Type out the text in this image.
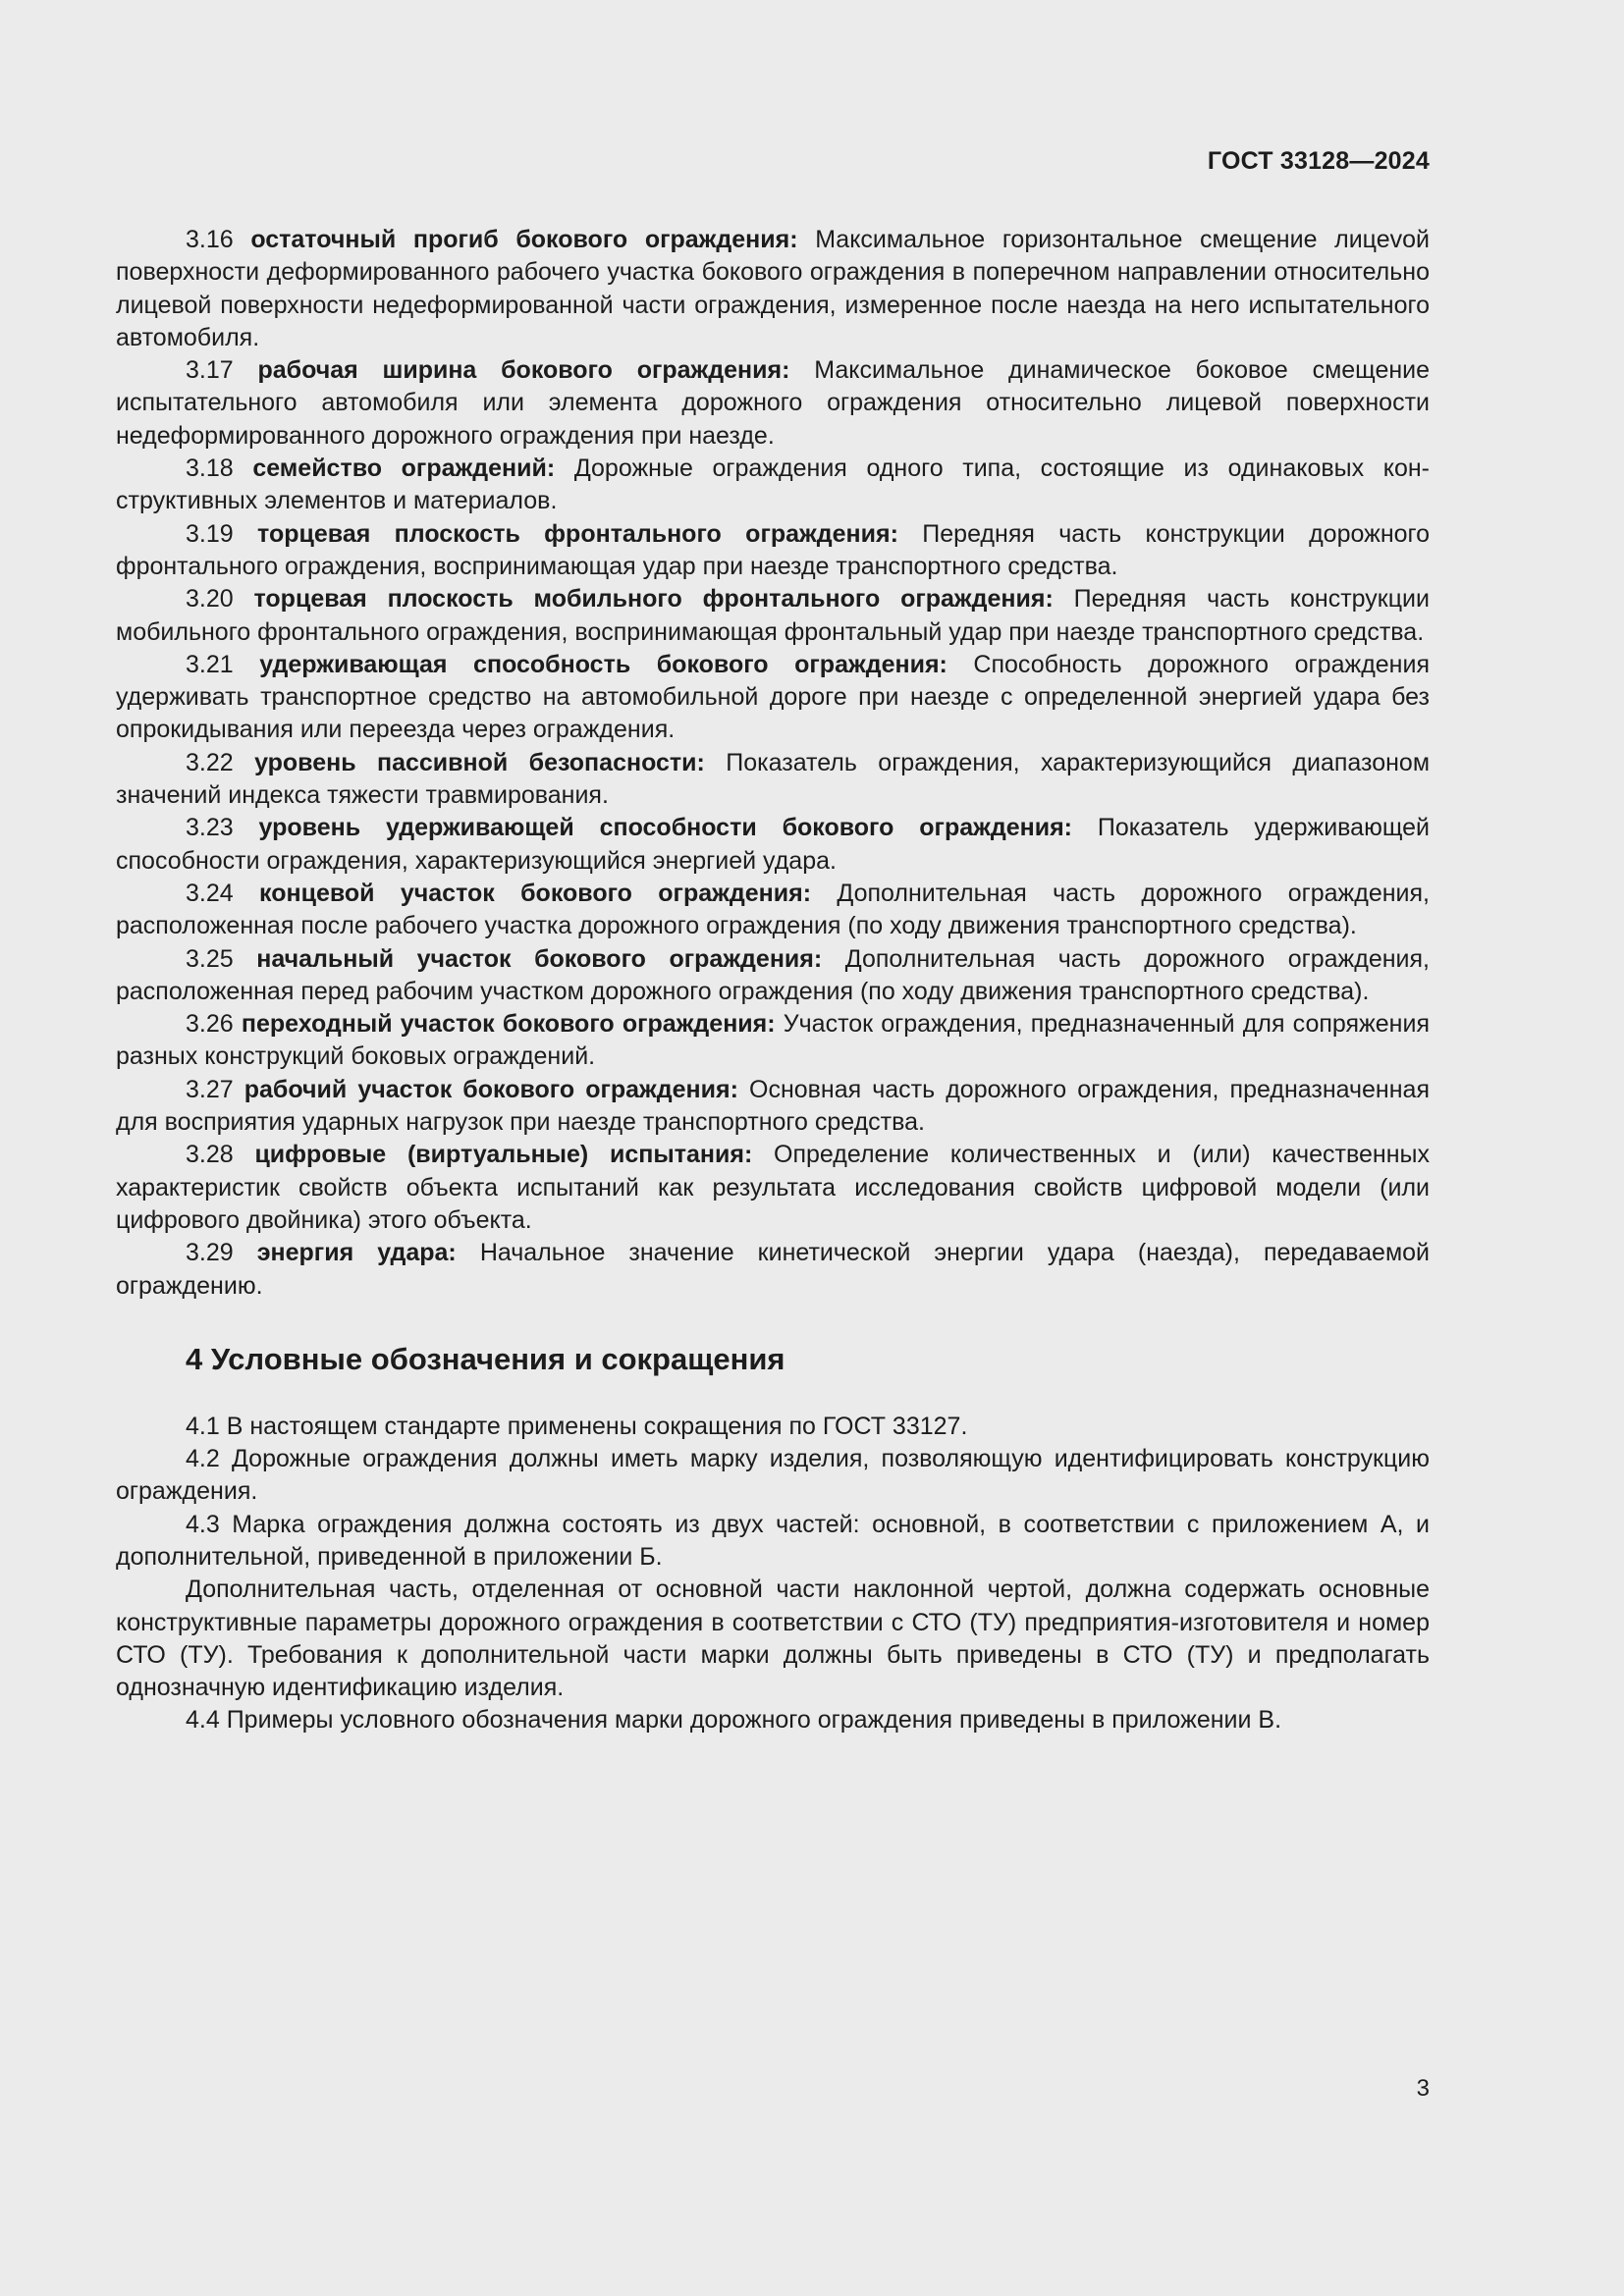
ГОСТ 33128—2024

3.16 остаточный прогиб бокового ограждения: Максимальное горизонтальное смещение лицеvой поверхности деформированного рабочего участка бокового ограждения в поперечном направлении относительно лицевой поверхности недеформированной части ограждения, измеренное после наезда на него испытательного автомобиля.

3.17 рабочая ширина бокового ограждения: Максимальное динамическое боковое смещение испытательного автомобиля или элемента дорожного ограждения относительно лицевой поверхности недеформированного дорожного ограждения при наезде.

3.18 семейство ограждений: Дорожные ограждения одного типа, состоящие из одинаковых конструктивных элементов и материалов.

3.19 торцевая плоскость фронтального ограждения: Передняя часть конструкции дорожного фронтального ограждения, воспринимающая удар при наезде транспортного средства.

3.20 торцевая плоскость мобильного фронтального ограждения: Передняя часть конструкции мобильного фронтального ограждения, воспринимающая фронтальный удар при наезде транспортного средства.

3.21 удерживающая способность бокового ограждения: Способность дорожного ограждения удерживать транспортное средство на автомобильной дороге при наезде с определенной энергией удара без опрокидывания или переезда через ограждения.

3.22 уровень пассивной безопасности: Показатель ограждения, характеризующийся диапазоном значений индекса тяжести травмирования.

3.23 уровень удерживающей способности бокового ограждения: Показатель удерживающей способности ограждения, характеризующийся энергией удара.

3.24 концевой участок бокового ограждения: Дополнительная часть дорожного ограждения, расположенная после рабочего участка дорожного ограждения (по ходу движения транспортного средства).

3.25 начальный участок бокового ограждения: Дополнительная часть дорожного ограждения, расположенная перед рабочим участком дорожного ограждения (по ходу движения транспортного средства).

3.26 переходный участок бокового ограждения: Участок ограждения, предназначенный для сопряжения разных конструкций боковых ограждений.

3.27 рабочий участок бокового ограждения: Основная часть дорожного ограждения, предназначенная для восприятия ударных нагрузок при наезде транспортного средства.

3.28 цифровые (виртуальные) испытания: Определение количественных и (или) качественных характеристик свойств объекта испытаний как результата исследования свойств цифровой модели (или цифрового двойника) этого объекта.

3.29 энергия удара: Начальное значение кинетической энергии удара (наезда), передаваемой ограждению.

4 Условные обозначения и сокращения

4.1 В настоящем стандарте применены сокращения по ГОСТ 33127.

4.2 Дорожные ограждения должны иметь марку изделия, позволяющую идентифицировать конструкцию ограждения.

4.3 Марка ограждения должна состоять из двух частей: основной, в соответствии с приложением А, и дополнительной, приведенной в приложении Б.

Дополнительная часть, отделенная от основной части наклонной чертой, должна содержать основные конструктивные параметры дорожного ограждения в соответствии с СТО (ТУ) предприятия-изготовителя и номер СТО (ТУ). Требования к дополнительной части марки должны быть приведены в СТО (ТУ) и предполагать однозначную идентификацию изделия.

4.4 Примеры условного обозначения марки дорожного ограждения приведены в приложении В.

3
